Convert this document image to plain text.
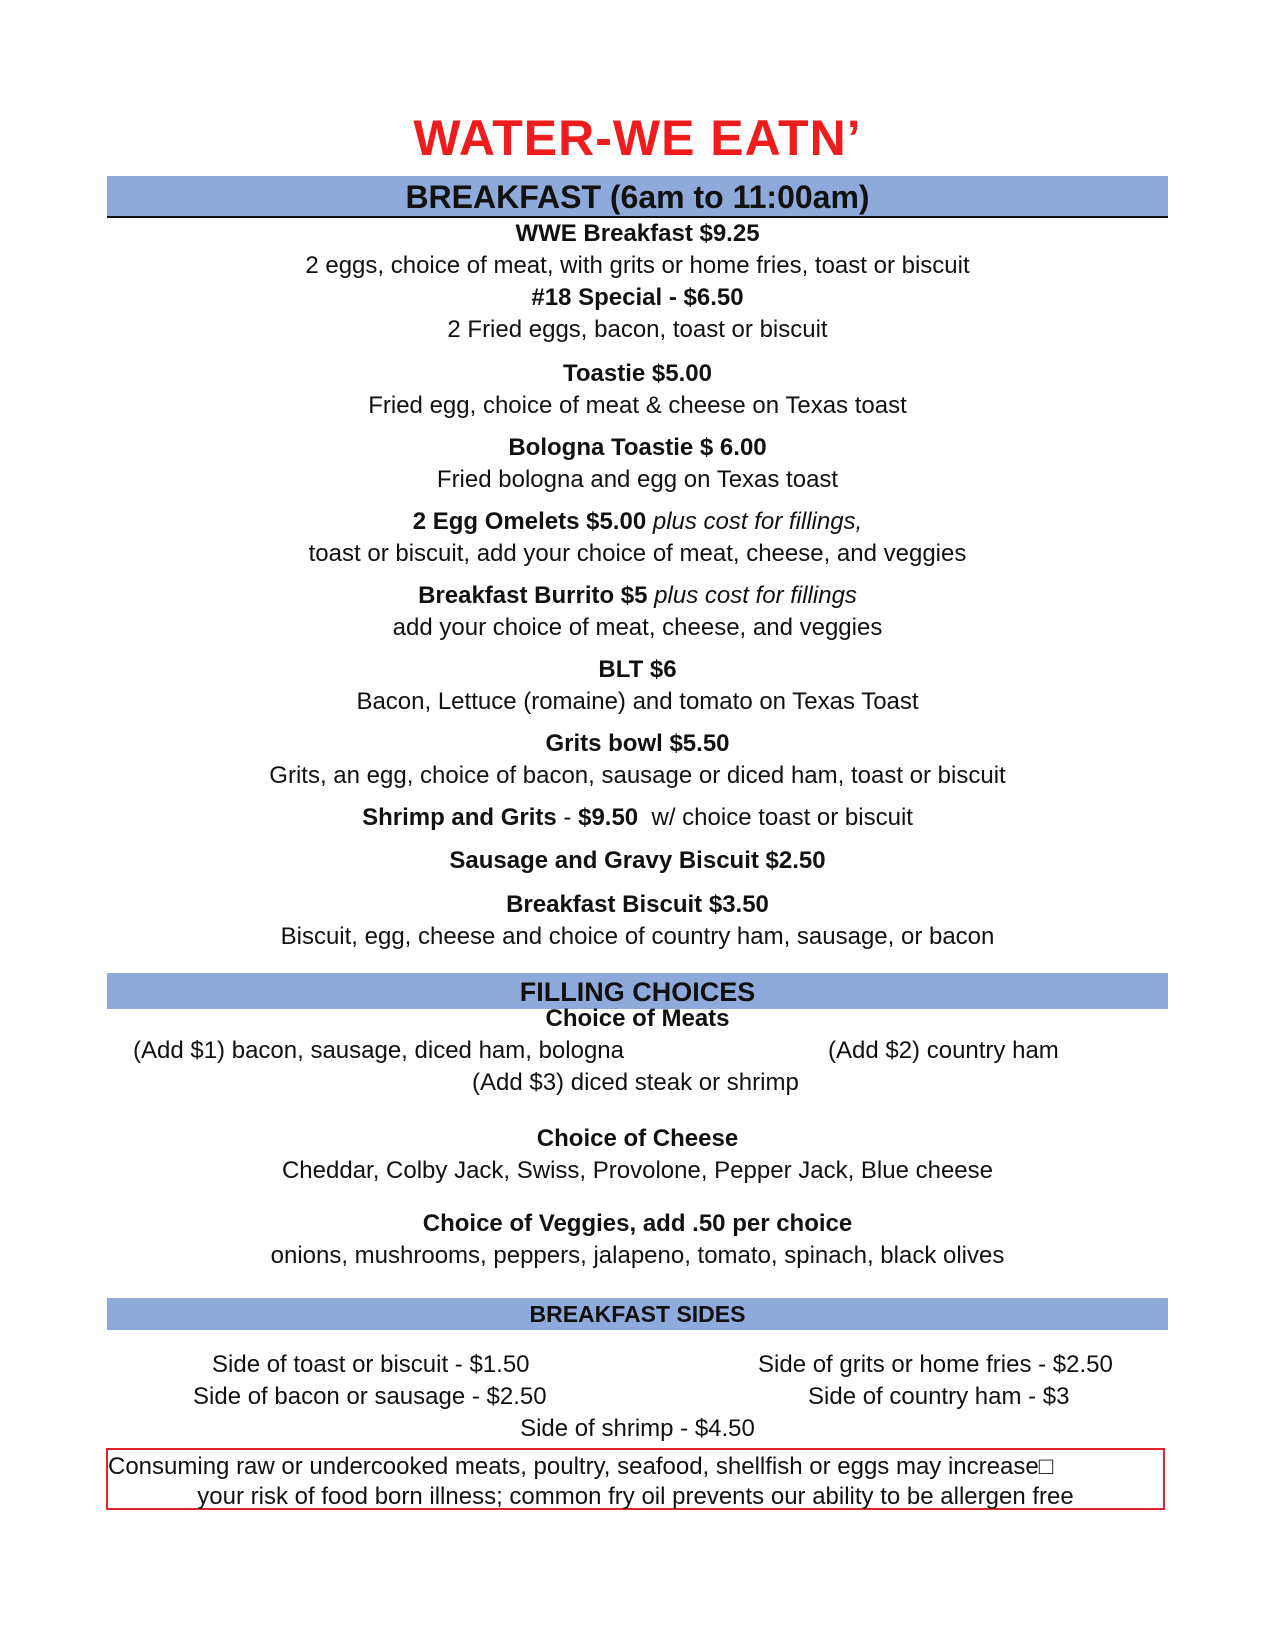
WATER-WE EATN’
BREAKFAST (6am to 11:00am)
WWE Breakfast $9.25
2 eggs, choice of meat, with grits or home fries, toast or biscuit
#18 Special - $6.50
2 Fried eggs, bacon, toast or biscuit
Toastie $5.00
Fried egg, choice of meat & cheese on Texas toast
Bologna Toastie $ 6.00
Fried bologna and egg on Texas toast
2 Egg Omelets $5.00 plus cost for fillings,
toast or biscuit, add your choice of meat, cheese, and veggies
Breakfast Burrito $5 plus cost for fillings
add your choice of meat, cheese, and veggies
BLT $6
Bacon, Lettuce (romaine) and tomato on Texas Toast
Grits bowl $5.50
Grits, an egg, choice of bacon, sausage or diced ham, toast or biscuit
Shrimp and Grits - $9.50  w/ choice toast or biscuit
Sausage and Gravy Biscuit $2.50
Breakfast Biscuit $3.50
Biscuit, egg, cheese and choice of country ham, sausage, or bacon
FILLING CHOICES
Choice of Meats
(Add $1) bacon, sausage, diced ham, bologna	(Add $2) country ham
(Add $3) diced steak or shrimp
Choice of Cheese
Cheddar, Colby Jack, Swiss, Provolone, Pepper Jack, Blue cheese
Choice of Veggies, add .50 per choice
onions, mushrooms, peppers, jalapeno, tomato, spinach, black olives
BREAKFAST SIDES
Side of toast or biscuit - $1.50	Side of grits or home fries - $2.50
Side of bacon or sausage - $2.50	Side of country ham - $3
Side of shrimp - $4.50
Consuming raw or undercooked meats, poultry, seafood, shellfish or eggs may increase□
your risk of food born illness; common fry oil prevents our ability to be allergen free
